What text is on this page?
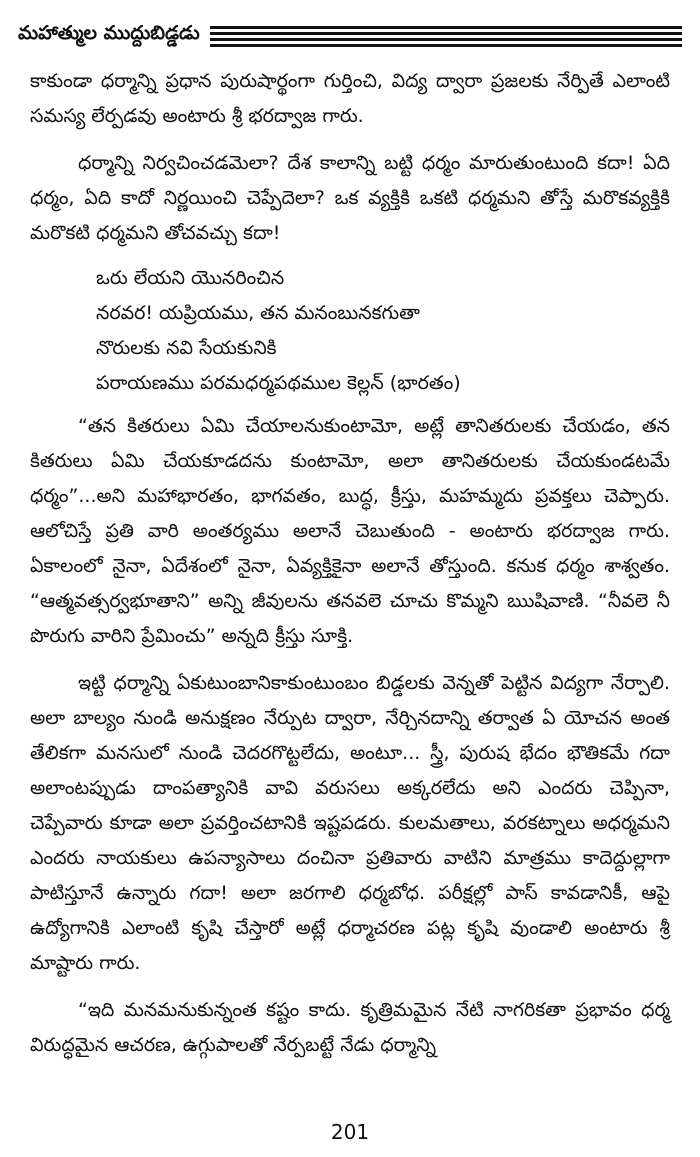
మహాత్ముల ముద్దుబిడ్డడు

కాకుండా ధర్మాన్ని ప్రధాన పురుషార్థంగా గుర్తించి, విద్య ద్వారా ప్రజలకు నేర్పితే ఎలాంటి సమస్య లేర్పడవు అంటారు శ్రీ భరద్వాజ గారు.

ధర్మాన్ని నిర్వచించడమెలా? దేశ కాలాన్ని బట్టి ధర్మం మారుతుంటుంది కదా! ఏది ధర్మం, ఏది కాదో నిర్ణయించి చెప్పేదెలా? ఒక వ్యక్తికి ఒకటి ధర్మమని తోస్తే మరొకవ్యక్తికి మరొకటి ధర్మమని తోచవచ్చు కదా!

ఒరు లేయని యొనరించిన
నరవర! యప్రియము, తన మనంబునకగుతా
నొరులకు నవి సేయకునికి
పరాయణము పరమధర్మపథముల కెల్లన్ (భారతం)

“తన కితరులు ఏమి చేయాలనుకుంటామో, అట్లే తానితరులకు చేయడం, తన కితరులు ఏమి చేయకూడదను కుంటామో, అలా తానితరులకు చేయకుండటమే ధర్మం”...అని మహాభారతం, భాగవతం, బుద్ధ, క్రీస్తు, మహమ్మదు ప్రవక్తలు చెప్పారు. ఆలోచిస్తే ప్రతి వారి అంతర్యము అలానే చెబుతుంది - అంటారు భరద్వాజ గారు. ఏకాలంలో నైనా, ఏదేశంలో నైనా, ఏవ్యక్తికైనా అలానే తోస్తుంది. కనుక ధర్మం శాశ్వతం. “ఆత్మవత్సర్వభూతాని” అన్ని జీవులను తనవలె చూచు కొమ్మని ఋషివాణి. “నీవలె నీ పొరుగు వారిని ప్రేమించు” అన్నది క్రీస్తు సూక్తి.

ఇట్టి ధర్మాన్ని ఏకుటుంబానికాకుంటుంబం బిడ్డలకు వెన్నతో పెట్టిన విద్యగా నేర్పాలి. అలా బాల్యం నుండి అనుక్షణం నేర్పుట ద్వారా, నేర్చినదాన్ని తర్వాత ఏ యోచన అంత తేలికగా మనసులో నుండి చెదరగొట్టలేదు, అంటూ... స్త్రీ, పురుష భేదం భౌతికమే గదా అలాంటప్పుడు దాంపత్యానికి వావి వరుసలు అక్కరలేదు అని ఎందరు చెప్పినా, చెప్పేవారు కూడా అలా ప్రవర్తించటానికి ఇష్టపడరు. కులమతాలు, వరకట్నాలు అధర్మమని ఎందరు నాయకులు ఉపన్యాసాలు దంచినా ప్రతివారు వాటిని మాత్రము కాదెద్దుల్లాగా పాటిస్తూనే ఉన్నారు గదా! అలా జరగాలి ధర్మబోధ. పరీక్షల్లో పాస్ కావడానికీ, ఆపై ఉద్యోగానికి ఎలాంటి కృషి చేస్తారో అట్లే ధర్మాచరణ పట్ల కృషి వుండాలి అంటారు శ్రీ మాష్టారు గారు.

“ఇది మనమనుకున్నంత కష్టం కాదు. కృత్రిమమైన నేటి నాగరికతా ప్రభావం ధర్మ విరుద్ధమైన ఆచరణ, ఉగ్గుపాలతో నేర్పబట్టే నేడు ధర్మాన్ని

201
